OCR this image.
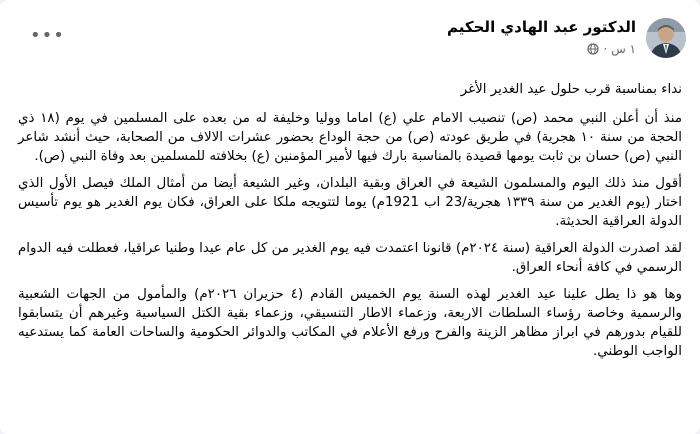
الدكتور عبد الهادي الحكيم
١ س ·
•••

نداء بمناسبة قرب حلول عيد الغدير الأغر

منذ أن أعلن النبي محمد (ص) تنصيب الامام علي (ع) اماما ووليا وخليفة له من بعده على المسلمين في يوم (١٨ ذي الحجة من سنة ١٠ هجرية) في طريق عودته (ص) من حجة الوداع بحضور عشرات الالاف من الصحابة، حيث أنشد شاعر النبي (ص) حسان بن ثابت يومها قصيدة بالمناسبة بارك فيها لأمير المؤمنين (ع) بخلافته للمسلمين بعد وفاة النبي (ص).

أقول منذ ذلك اليوم والمسلمون الشيعة في العراق وبقية البلدان، وغير الشيعة أيضا من أمثال الملك فيصل الأول الذي اختار (يوم الغدير من سنة ١٣٣٩ هجرية/23 اب 1921م) يوما لتتويجه ملكا على العراق، فكان يوم الغدير هو يوم تأسيس الدولة العراقية الحديثة.

لقد اصدرت الدولة العراقية (سنة ٢٠٢٤م) قانونا اعتمدت فيه يوم الغدير من كل عام عيدا وطنيا عراقيا، فعطلت فيه الدوام الرسمي في كافة أنحاء العراق.

وها هو ذا يطل علينا عيد الغدير لهذه السنة يوم الخميس القادم (٤ حزيران ٢٠٢٦م) والمأمول من الجهات الشعبية والرسمية وخاصة رؤساء السلطات الاربعة، وزعماء الاطار التنسيقي، وزعماء بقية الكتل السياسية وغيرهم أن يتسابقوا للقيام بدورهم في ابراز مظاهر الزينة والفرح ورفع الأعلام في المكاتب والدوائر الحكومية والساحات العامة كما يستدعيه الواجب الوطني.
